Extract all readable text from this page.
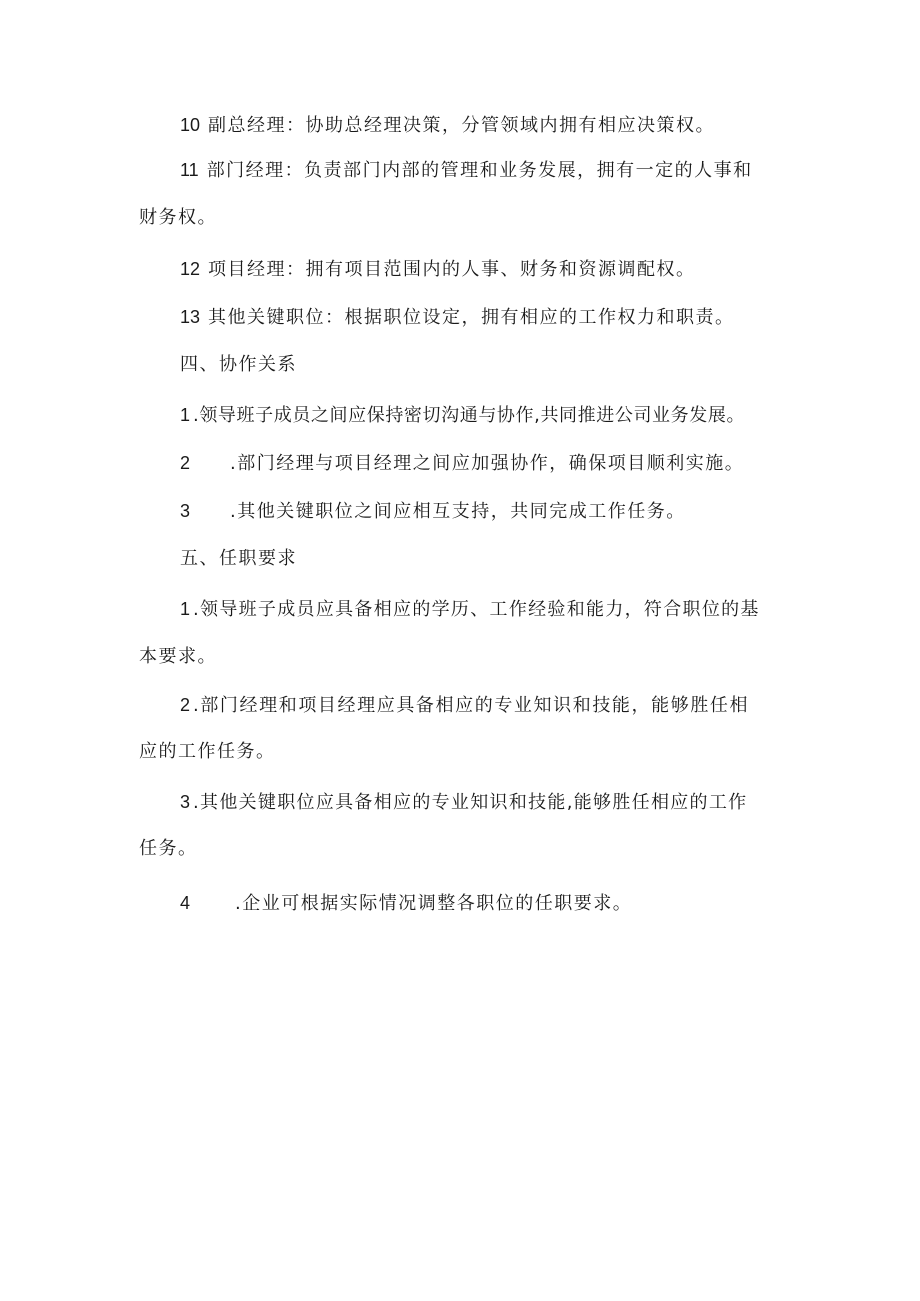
10 副总经理：协助总经理决策，分管领域内拥有相应决策权。
11 部门经理：负责部门内部的管理和业务发展，拥有一定的人事和
财务权。
12 项目经理：拥有项目范围内的人事、财务和资源调配权。
13 其他关键职位：根据职位设定，拥有相应的工作权力和职责。
四、协作关系
1 .领导班子成员之间应保持密切沟通与协作,共同推进公司业务发展。
2 .部门经理与项目经理之间应加强协作，确保项目顺利实施。
3 .其他关键职位之间应相互支持，共同完成工作任务。
五、任职要求
1 .领导班子成员应具备相应的学历、工作经验和能力，符合职位的基
本要求。
2 .部门经理和项目经理应具备相应的专业知识和技能，能够胜任相
应的工作任务。
3 .其他关键职位应具备相应的专业知识和技能,能够胜任相应的工作
任务。
4 .企业可根据实际情况调整各职位的任职要求。
